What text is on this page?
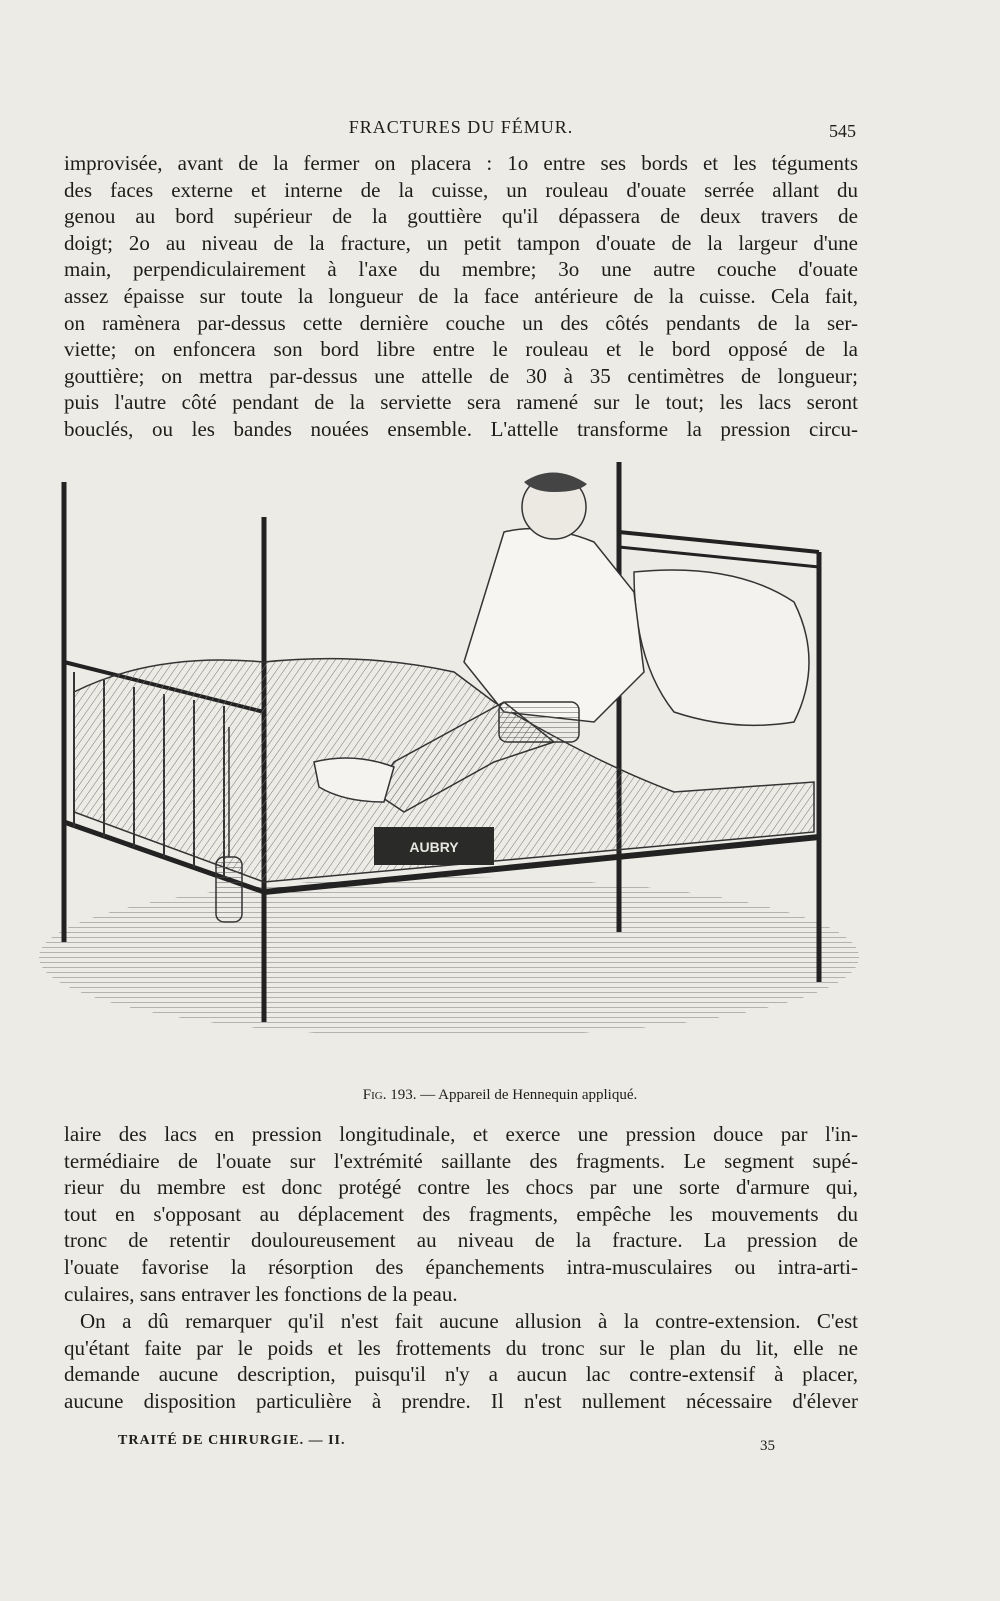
FRACTURES DU FÉMUR.	545

improvisée, avant de la fermer on placera : 1o entre ses bords et les téguments
des faces externe et interne de la cuisse, un rouleau d'ouate serrée allant du
genou au bord supérieur de la gouttière qu'il dépassera de deux travers de
doigt; 2o au niveau de la fracture, un petit tampon d'ouate de la largeur d'une
main, perpendiculairement à l'axe du membre; 3o une autre couche d'ouate
assez épaisse sur toute la longueur de la face antérieure de la cuisse. Cela fait,
on ramènera par-dessus cette dernière couche un des côtés pendants de la ser-
viette; on enfoncera son bord libre entre le rouleau et le bord opposé de la
gouttière; on mettra par-dessus une attelle de 30 à 35 centimètres de longueur;
puis l'autre côté pendant de la serviette sera ramené sur le tout; les lacs seront
bouclés, ou les bandes nouées ensemble. L'attelle transforme la pression circu-

AUBRY
Fig. 193. — Appareil de Hennequin appliqué.

laire des lacs en pression longitudinale, et exerce une pression douce par l'in-
termédiaire de l'ouate sur l'extrémité saillante des fragments. Le segment supé-
rieur du membre est donc protégé contre les chocs par une sorte d'armure qui,
tout en s'opposant au déplacement des fragments, empêche les mouvements du
tronc de retentir douloureusement au niveau de la fracture. La pression de
l'ouate favorise la résorption des épanchements intra-musculaires ou intra-arti-
culaires, sans entraver les fonctions de la peau.

On a dû remarquer qu'il n'est fait aucune allusion à la contre-extension. C'est
qu'étant faite par le poids et les frottements du tronc sur le plan du lit, elle ne
demande aucune description, puisqu'il n'y a aucun lac contre-extensif à placer,
aucune disposition particulière à prendre. Il n'est nullement nécessaire d'élever

TRAITÉ DE CHIRURGIE. — II.	35
